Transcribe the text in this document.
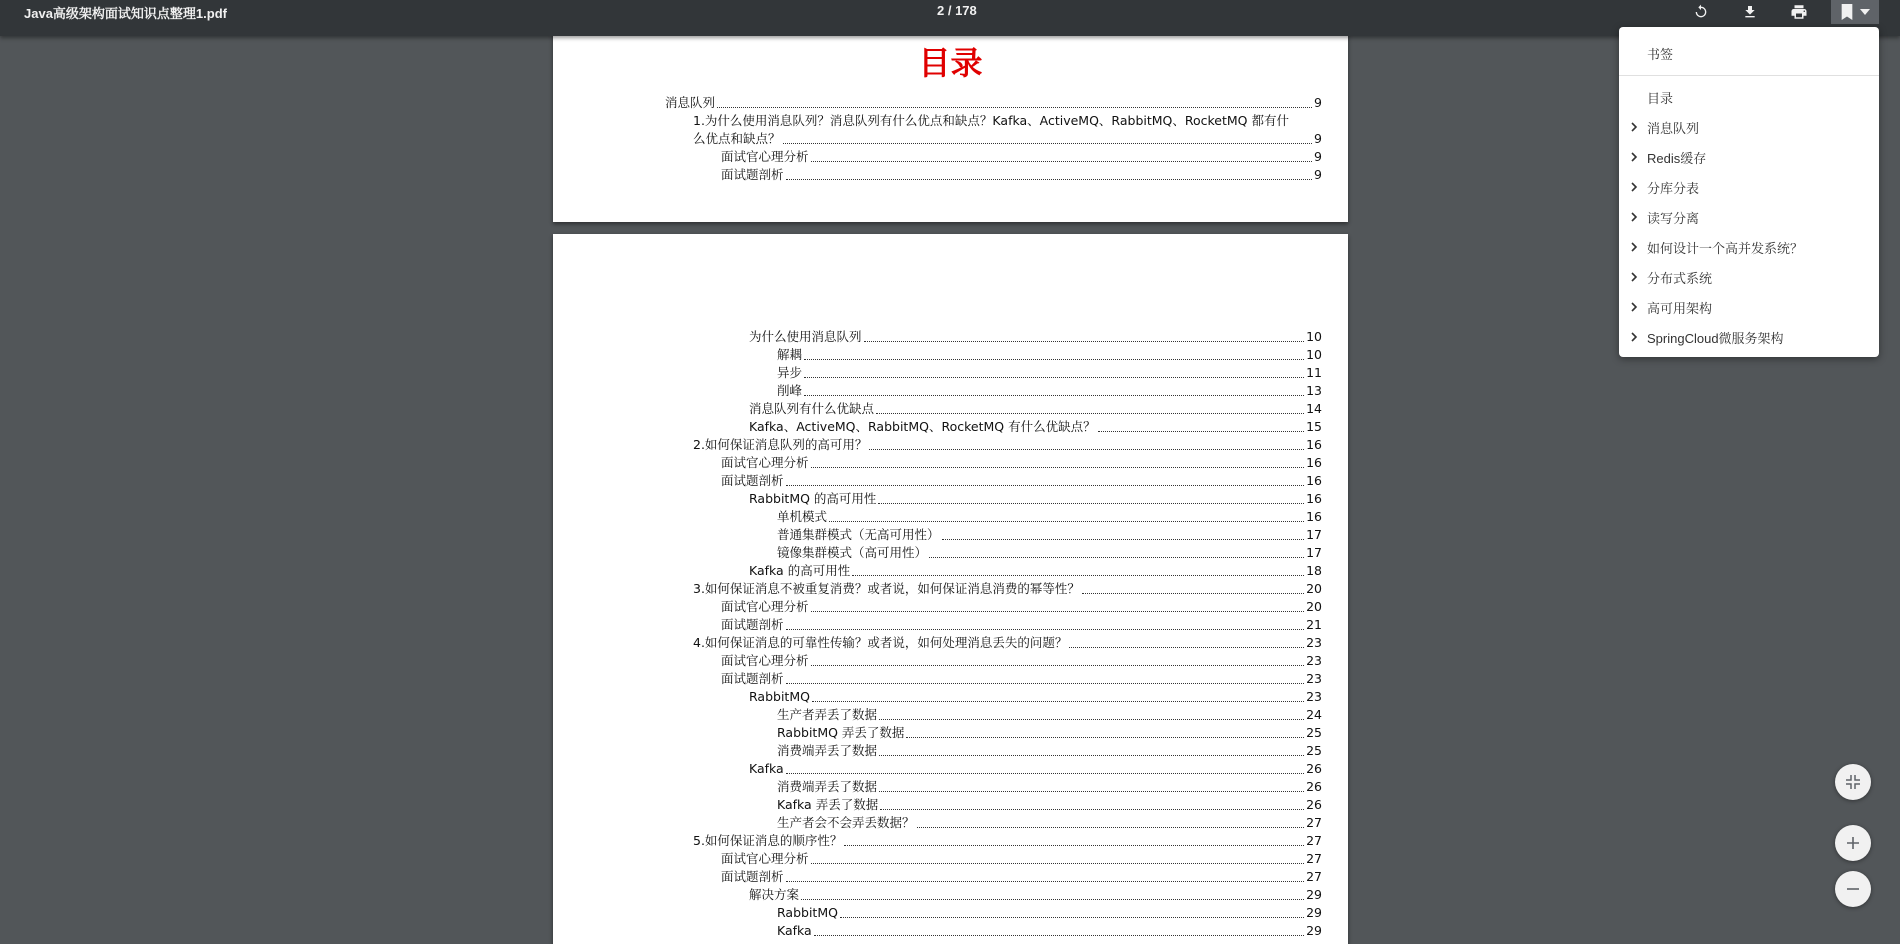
Java高级架构面试知识点整理1.pdf	2 / 178
目录
消息队列	9
1.为什么使用消息队列？消息队列有什么优点和缺点？Kafka、ActiveMQ、RabbitMQ、RocketMQ 都有什
么优点和缺点？	9
面试官心理分析	9
面试题剖析	9
为什么使用消息队列	10
解耦	10
异步	11
削峰	13
消息队列有什么优缺点	14
Kafka、ActiveMQ、RabbitMQ、RocketMQ 有什么优缺点？	15
2.如何保证消息队列的高可用？	16
面试官心理分析	16
面试题剖析	16
RabbitMQ 的高可用性	16
单机模式	16
普通集群模式（无高可用性）	17
镜像集群模式（高可用性）	17
Kafka 的高可用性	18
3.如何保证消息不被重复消费？或者说，如何保证消息消费的幂等性？	20
面试官心理分析	20
面试题剖析	21
4.如何保证消息的可靠性传输？或者说，如何处理消息丢失的问题？	23
面试官心理分析	23
面试题剖析	23
RabbitMQ	23
生产者弄丢了数据	24
RabbitMQ 弄丢了数据	25
消费端弄丢了数据	25
Kafka	26
消费端弄丢了数据	26
Kafka 弄丢了数据	26
生产者会不会弄丢数据？	27
5.如何保证消息的顺序性？	27
面试官心理分析	27
面试题剖析	27
解决方案	29
RabbitMQ	29
Kafka	29
书签
目录
消息队列
Redis缓存
分库分表
读写分离
如何设计一个高并发系统？
分布式系统
高可用架构
SpringCloud微服务架构
